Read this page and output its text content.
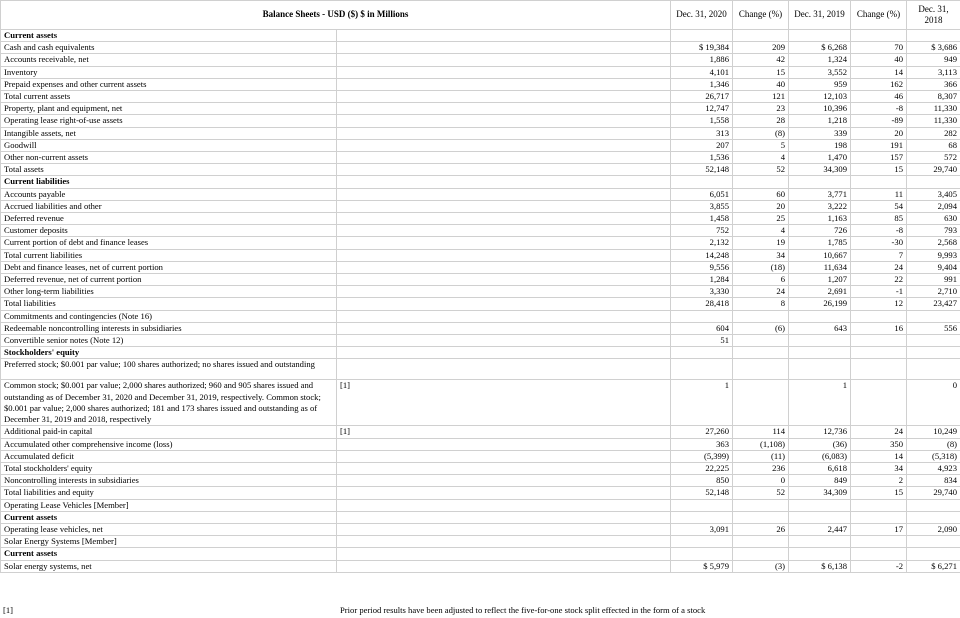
Balance Sheets - USD ($) $ in Millions		Dec. 31, 2020	Change (%)	Dec. 31, 2019	Change (%)	Dec. 31,
2018
Current assets						
Cash and cash equivalents		$ 19,384	209	$ 6,268	70	$ 3,686
Accounts receivable, net		1,886	42	1,324	40	949
Inventory		4,101	15	3,552	14	3,113
Prepaid expenses and other current assets		1,346	40	959	162	366
Total current assets		26,717	121	12,103	46	8,307
Property, plant and equipment, net		12,747	23	10,396	-8	11,330
Operating lease right-of-use assets		1,558	28	1,218	-89	11,330
Intangible assets, net		313	(8)	339	20	282
Goodwill		207	5	198	191	68
Other non-current assets		1,536	4	1,470	157	572
Total assets		52,148	52	34,309	15	29,740
Current liabilities						
Accounts payable		6,051	60	3,771	11	3,405
Accrued liabilities and other		3,855	20	3,222	54	2,094
Deferred revenue		1,458	25	1,163	85	630
Customer deposits		752	4	726	-8	793
Current portion of debt and finance leases		2,132	19	1,785	-30	2,568
Total current liabilities		14,248	34	10,667	7	9,993
Debt and finance leases, net of current portion		9,556	(18)	11,634	24	9,404
Deferred revenue, net of current portion		1,284	6	1,207	22	991
Other long-term liabilities		3,330	24	2,691	-1	2,710
Total liabilities		28,418	8	26,199	12	23,427
Commitments and contingencies (Note 16)						
Redeemable noncontrolling interests in subsidiaries		604	(6)	643	16	556
Convertible senior notes (Note 12)		51				
Stockholders' equity						
Preferred stock; $0.001 par value; 100 shares authorized; no shares issued and outstanding						
Common stock; $0.001 par value; 2,000 shares authorized; 960 and 905 shares issued and outstanding as of December 31, 2020 and December 31, 2019, respectively. Common stock; $0.001 par value; 2,000 shares authorized; 181 and 173 shares issued and outstanding as of December 31, 2019 and 2018, respectively	[1]	1		1		0
Additional paid-in capital	[1]	27,260	114	12,736	24	10,249
Accumulated other comprehensive income (loss)		363	(1,108)	(36)	350	(8)
Accumulated deficit		(5,399)	(11)	(6,083)	14	(5,318)
Total stockholders' equity		22,225	236	6,618	34	4,923
Noncontrolling interests in subsidiaries		850	0	849	2	834
Total liabilities and equity		52,148	52	34,309	15	29,740
Operating Lease Vehicles [Member]						
Current assets						
Operating lease vehicles, net		3,091	26	2,447	17	2,090
Solar Energy Systems [Member]						
Current assets						
Solar energy systems, net		$ 5,979	(3)	$ 6,138	-2	$ 6,271
[1]	Prior period results have been adjusted to reflect the five-for-one stock split effected in the form of a stock
